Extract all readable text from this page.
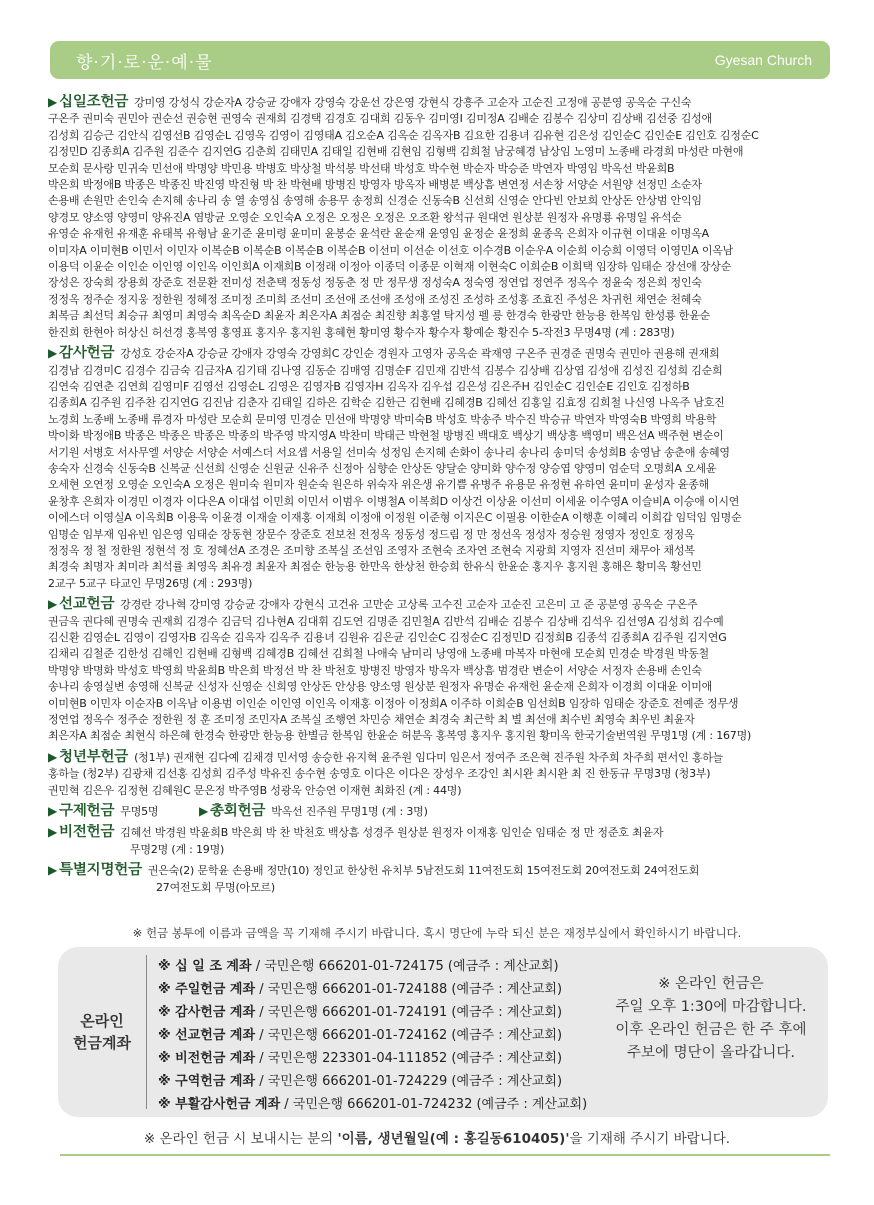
향·기·로·운·예·물	Gyesan Church
▶ 십일조헌금 강미영 강성식 강순자A 강승균 강애자 강영숙 강운선 강은영 강현식 강흥주 고순자 고순진 고정애 공분영 공옥순 구신숙
구온주 권미숙 권민아 권순선 권승현 권영숙 권재희 김경택 김경호 김대희 김동우 김미영I 김미정A 김배순 김봉수 김상미 김상배 김선중 김성애
김성희 김승근 김안식 김영선B 김영순L 김영옥 김영이 김영태A 김오순A 김옥순 김옥자B 김요한 김용녀 김유현 김은성 김인순C 김인순E 김인호 김정순C
김정민D 김종희A 김주원 김준수 김지연G 김춘희 김태민A 김태일 김현배 김현임 김형백 김희철 남궁혜경 남상임 노영미 노종배 라경희 마성란 마현애
모순희 문사랑 민귀숙 민선애 박명양 박민용 박병호 박상철 박석봉 박선태 박성호 박수현 박순자 박승준 박연자 박영임 박옥선 박윤희B
박은희 박정애B 박종은 박종진 박진영 박진형 박 찬 박현배 방병진 방영자 방옥자 배병분 백상흠 변연정 서손창 서양순 서원양 선정민 소순자
손용배 손원만 손인숙 손지혜 송나리 송 열 송영심 송영해 송용무 송정희 신경순 신동숙B 신선희 신영순 안다빈 안보희 안상돈 안상범 안익임
양경모 양소영 양영미 양유진A 염방균 오영순 오인숙A 오정은 오정은 오정은 오조환 왕석규 원대연 원상분 원정자 유명룡 유명일 유석순
유영순 유재헌 유재훈 유태복 유형남 윤기준 윤미령 윤미미 윤봉순 윤석란 윤순재 윤영임 윤정순 윤정희 윤종옥 은희자 이규현 이대윤 이명옥A
이미자A 이미현B 이민서 이민자 이복순B 이복순B 이복순B 이복순B 이선미 이선순 이선호 이수경B 이순우A 이순희 이승희 이영덕 이영민A 이옥남
이용덕 이윤순 이인순 이인영 이인옥 이인희A 이재희B 이정래 이정아 이종덕 이종문 이혁재 이현숙C 이희순B 이희택 임장하 임태순 장선애 장상순
장성은 장숙희 장용희 장준호 전문환 전미성 전춘택 정동성 정동춘 정 만 정무생 정성숙A 정숙영 정연업 정연주 정옥수 정윤숙 정은희 정인숙
정정옥 정주순 정지웅 정한원 정혜정 조미정 조미희 조선미 조선애 조선애 조성애 조성진 조성하 조성홍 조효진 주성은 차귀헌 채연순 천혜숙
최복금 최선덕 최승규 최영미 최영숙 최옥순D 최윤자 최은자A 최점순 최진향 최홍열 탁지성 펠 릉 한경숙 한광만 한능용 한복임 한성룡 한윤순
한진희 한현아 허상신 허선경 홍복영 홍영표 홍지우 홍지원 홍혜현 황미영 황수자 황수자 황예순 황진수 5-작전3 무명4명 (계 : 283명)
▶ 감사헌금 강성호 강순자A 강승균 강애자 강영숙 강영희C 강인순 경원자 고영자 공옥순 곽재영 구온주 권경준 권명숙 권민아 권용해 권재희
김경남 김경미C 김경수 김금숙 김금자A 김기태 김나영 김동순 김매영 김명순F 김민재 김반석 김봉수 김상배 김상엽 김성애 김성진 김성희 김순희
김연숙 김연춘 김연희 김영미F 김영선 김영순L 김영은 김영자B 김영자H 김옥자 김우섭 김은성 김은주H 김인순C 김인순E 김인호 김정하B
김종희A 김주원 김주찬 김지연G 김진남 김춘자 김태일 김하은 김학순 김한근 김현배 김혜경B 김혜선 김홍일 김효정 김희철 나신영 나옥주 남호진
노경희 노종배 노종배 류경자 마성란 모순희 문미영 민경순 민선애 박명양 박미숙B 박성호 박송주 박수진 박승규 박연자 박영숙B 박영희 박용학
박이화 박정애B 박종은 박종은 박종은 박종의 박주영 박지영A 박찬미 박태근 박현철 방병진 백대호 백상기 백상흥 백영미 백은선A 백주현 변순이
서기원 서병호 서사무엘 서양순 서양순 서예스더 서요셉 서용일 선미숙 성정임 손지혜 손화이 송나리 송나리 송미덕 송성희B 송영남 송춘애 송혜영
송숙자 신경숙 신동숙B 신복균 신선희 신영순 신원균 신유주 신정아 심향순 안상돈 양달순 양미화 양수정 양승엽 양영미 엄순덕 오명희A 오세윤
오세현 오연정 오영순 오인숙A 오정은 원미숙 원미자 원순숙 원은하 위숙자 위은생 유기쁨 유병주 유용문 유정현 유하연 윤미미 윤성자 윤종해
윤창후 은희자 이경민 이경자 이다은A 이대섭 이민희 이민서 이범우 이병철A 이복희D 이상건 이상윤 이선미 이세윤 이수영A 이슬비A 이승애 이시연
이에스더 이영실A 이옥희B 이용욱 이윤경 이재술 이재홍 이재희 이정애 이정원 이준형 이지은C 이필용 이한순A 이행훈 이혜리 이희갑 임덕임 임명순
임명순 임부재 임유빈 임은영 임태순 장동현 장문수 장준호 전보천 전정옥 정동성 정드림 정 만 정선옥 정성자 정승원 정영자 정인호 정정옥
정정옥 정 철 정한원 정현석 정 호 정혜선A 조경은 조미향 조복실 조선임 조영자 조현숙 조자연 조현숙 지광희 지영자 진선미 채무아 채성복
최경숙 최명자 최미라 최석률 최영옥 최유경 최윤자 최점순 한능용 한만옥 한상천 한승희 한유식 한윤순 홍지우 홍지원 홍해은 황미옥 황선민
2교구 5교구 타교인 무명26명 (계 : 293명)
▶ 선교헌금 강경란 강나혁 강미영 강승균 강애자 강현식 고건유 고만순 고상록 고수진 고순자 고순진 고은미 고 준 공분영 공옥순 구온주
권금옥 권다혜 권명숙 권재희 김경수 김금덕 김나현A 김대휘 김도연 김명준 김민철A 김반석 김배순 김봉수 김상배 김석우 김선영A 김성희 김수예
김신환 김영순L 김영이 김영자B 김옥순 김옥자 김옥주 김용녀 김원유 김은균 김인순C 김정순C 김정민D 김정희B 김종석 김종희A 김주원 김지연G
김채리 김철준 김한성 김해인 김현배 김형백 김혜경B 김혜선 김희철 나애숙 남미리 낭영애 노종배 마복자 마현애 모순희 민경순 박경원 박동철
박명양 박명화 박성호 박영희 박윤희B 박은희 박정선 박 찬 박천호 방병진 방영자 방옥자 백상흠 범경란 변순이 서양순 서정자 손용배 손인숙
송나리 송영실변 송영해 신복균 신성자 신영순 신희영 안상돈 안상용 양소영 원상분 원정자 유명순 유재헌 윤순재 은희자 이경희 이대윤 이미애
이미현B 이민자 이순자B 이옥남 이용범 이인순 이인영 이인옥 이재홍 이정아 이정희A 이주하 이희순B 임선희B 임장하 임태순 장준호 전예준 정무생
정연업 정옥수 정주순 정한원 정 훈 조미정 조민자A 조복실 조행연 차민승 채연순 최경숙 최근학 최 별 최선애 최수빈 최영숙 최우빈 최윤자
최은자A 최점순 최현식 하은혜 한경숙 한광만 한능용 한별금 한복임 한윤순 허분옥 홍복영 홍지우 홍지원 황미옥 한국기술번역원 무명1명 (계 : 167명)
▶ 청년부헌금 (청1부) 권재현 김다예 김채경 민서영 송승한 유지혁 윤주원 임다미 임은서 정여주 조은혁 진주원 차주희 차주희 편서인 홍하늘
홍하늘 (청2부) 김광채 김선홍 김성희 김주성 박유진 송수현 송영호 이다은 이다은 장성우 조강인 최시완 최시완 최 진 한동규 무명3명 (청3부)
권민혁 김은우 김정현 김혜원C 문은정 박주영B 성광욱 안승연 이재현 최화진 (계 : 44명)
▶ 구제헌금 무명5명	▶ 총회헌금 박옥선 진주원 무명1명 (계 : 3명)
▶ 비전헌금 김혜선 박경원 박윤희B 박은희 박 찬 박천호 백상흠 성경주 원상분 원정자 이재홍 임인순 임태순 정 만 정준호 최윤자
무명2명 (계 : 19명)
▶ 특별지명헌금 권은숙(2) 문학윤 손용배 정만(10) 정인교 한상헌 유치부 5남전도회 11여전도회 15여전도회 20여전도회 24여전도회
27여전도회 무명(아모르)
※ 헌금 봉투에 이름과 금액을 꼭 기재해 주시기 바랍니다. 혹시 명단에 누락 되신 분은 재정부실에서 확인하시기 바랍니다.
온라인
헌금계좌
※ 십 일 조 계좌 / 국민은행 666201-01-724175 (예금주 : 계산교회)
※ 주일헌금 계좌 / 국민은행 666201-01-724188 (예금주 : 계산교회)
※ 감사헌금 계좌 / 국민은행 666201-01-724191 (예금주 : 계산교회)
※ 선교헌금 계좌 / 국민은행 666201-01-724162 (예금주 : 계산교회)
※ 비전헌금 계좌 / 국민은행 223301-04-111852 (예금주 : 계산교회)
※ 구역헌금 계좌 / 국민은행 666201-01-724229 (예금주 : 계산교회)
※ 부활감사헌금 계좌 / 국민은행 666201-01-724232 (예금주 : 계산교회)
※ 온라인 헌금은
주일 오후 1:30에 마감합니다.
이후 온라인 헌금은 한 주 후에
주보에 명단이 올라갑니다.
※ 온라인 헌금 시 보내시는 분의 '이름, 생년월일(예 : 홍길동610405)'을 기재해 주시기 바랍니다.
